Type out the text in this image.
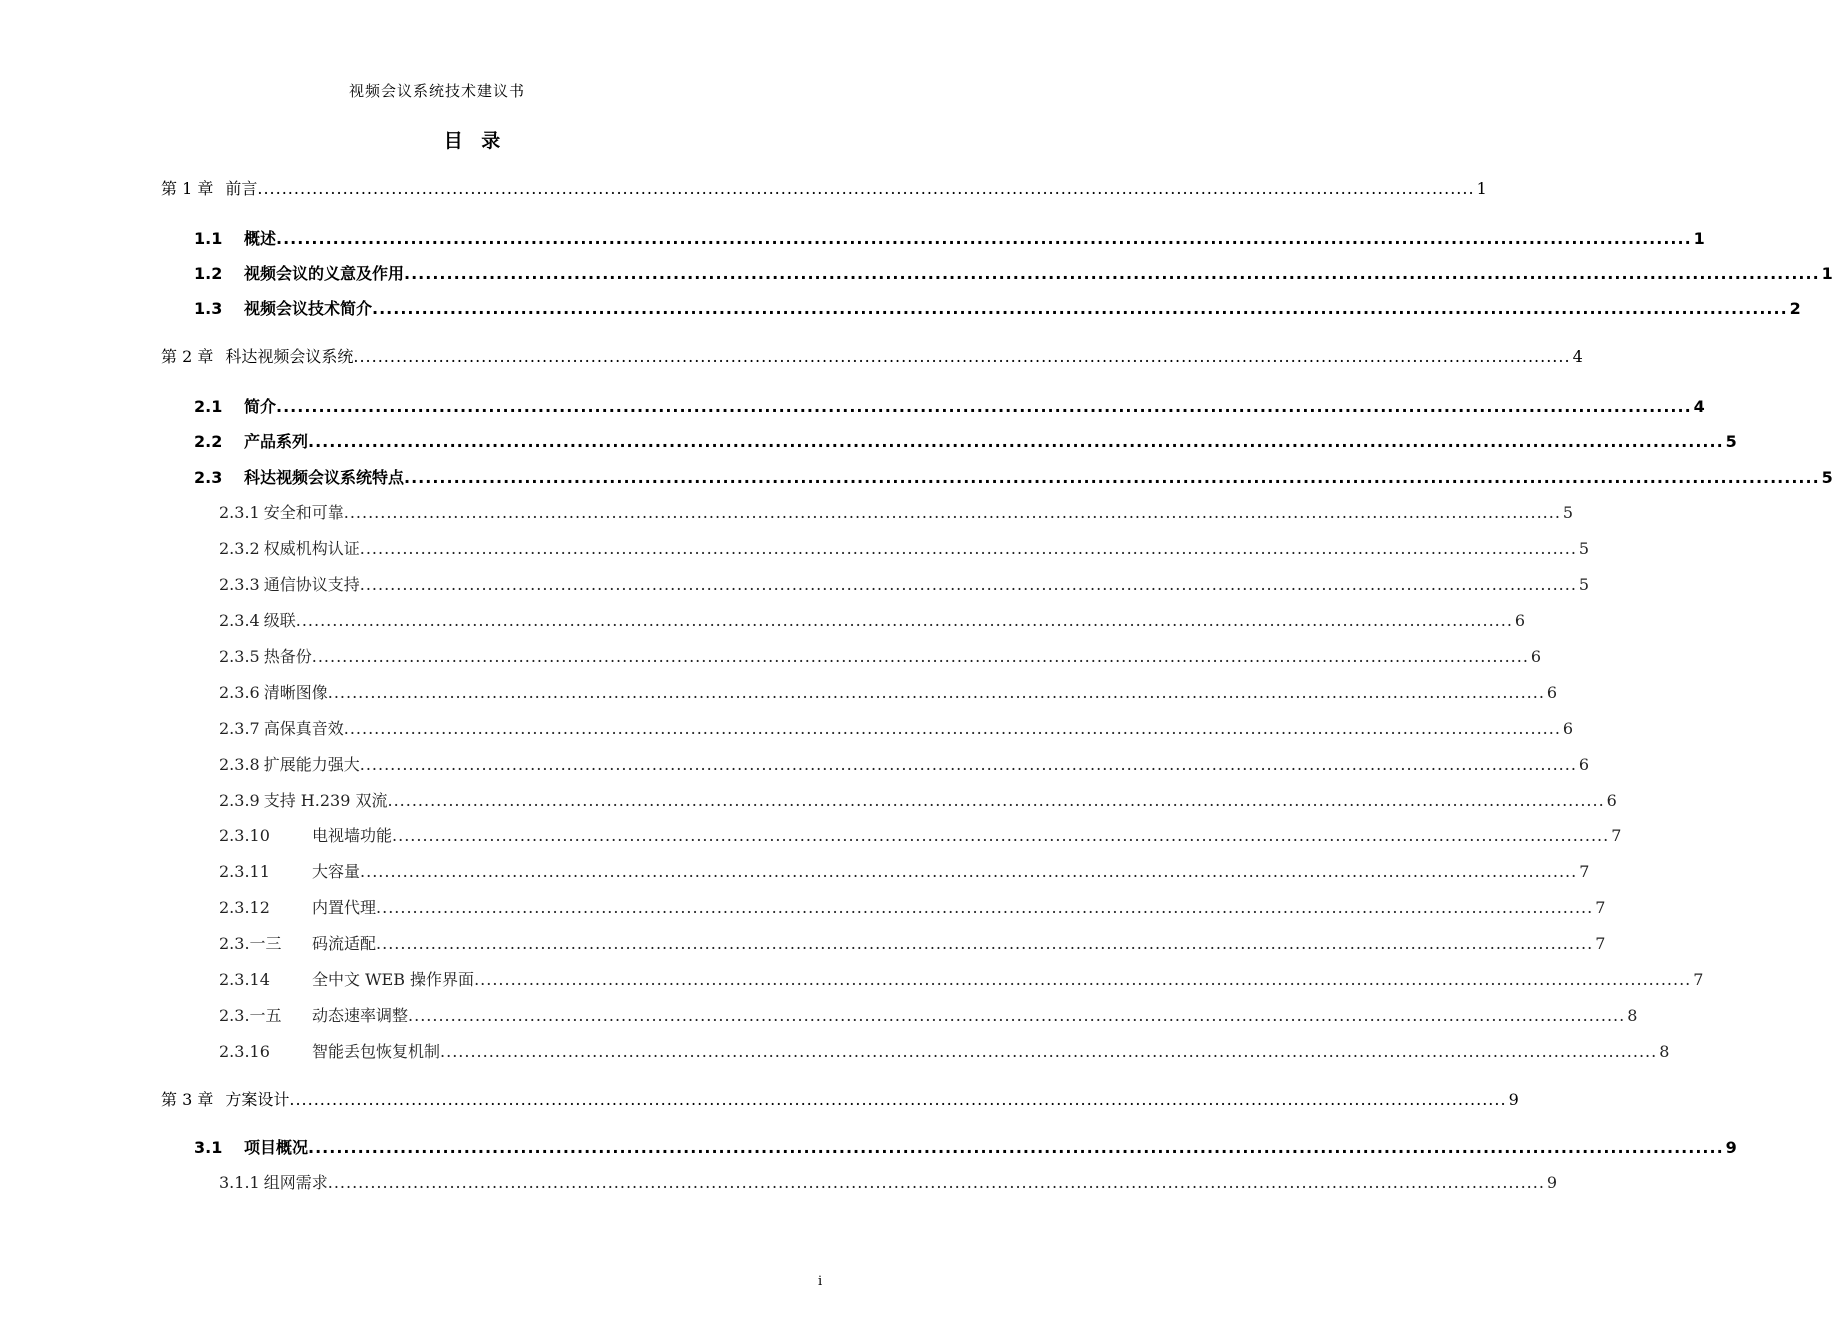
视频会议系统技术建议书
目 录
第 1 章 前言 ........................................................................................................................................................................................................ 1
1.1	概述 ........................................................................................................................................................................................................ 1
1.2	视频会议的义意及作用 ........................................................................................................................................................................................................ 1
1.3	视频会议技术简介 ........................................................................................................................................................................................................ 2
第 2 章 科达视频会议系统 ........................................................................................................................................................................................................ 4
2.1	简介 ........................................................................................................................................................................................................ 4
2.2	产品系列 ........................................................................................................................................................................................................ 5
2.3	科达视频会议系统特点 ........................................................................................................................................................................................................ 5
2.3.1 安全和可靠 ........................................................................................................................................................................................................ 5
2.3.2 权威机构认证 ........................................................................................................................................................................................................ 5
2.3.3 通信协议支持 ........................................................................................................................................................................................................ 5
2.3.4 级联 ........................................................................................................................................................................................................ 6
2.3.5 热备份 ........................................................................................................................................................................................................ 6
2.3.6 清晰图像 ........................................................................................................................................................................................................ 6
2.3.7 高保真音效 ........................................................................................................................................................................................................ 6
2.3.8 扩展能力强大 ........................................................................................................................................................................................................ 6
2.3.9 支持 H.239 双流 ........................................................................................................................................................................................................ 6
2.3.10	电视墙功能 ........................................................................................................................................................................................................ 7
2.3.11	大容量 ........................................................................................................................................................................................................ 7
2.3.12	内置代理 ........................................................................................................................................................................................................ 7
2.3.一三	码流适配 ........................................................................................................................................................................................................ 7
2.3.14	全中文 WEB 操作界面 ........................................................................................................................................................................................................ 7
2.3.一五	动态速率调整 ........................................................................................................................................................................................................ 8
2.3.16	智能丢包恢复机制 ........................................................................................................................................................................................................ 8
第 3 章 方案设计 ........................................................................................................................................................................................................ 9
3.1	项目概况 ........................................................................................................................................................................................................ 9
3.1.1 组网需求 ........................................................................................................................................................................................................ 9
i
